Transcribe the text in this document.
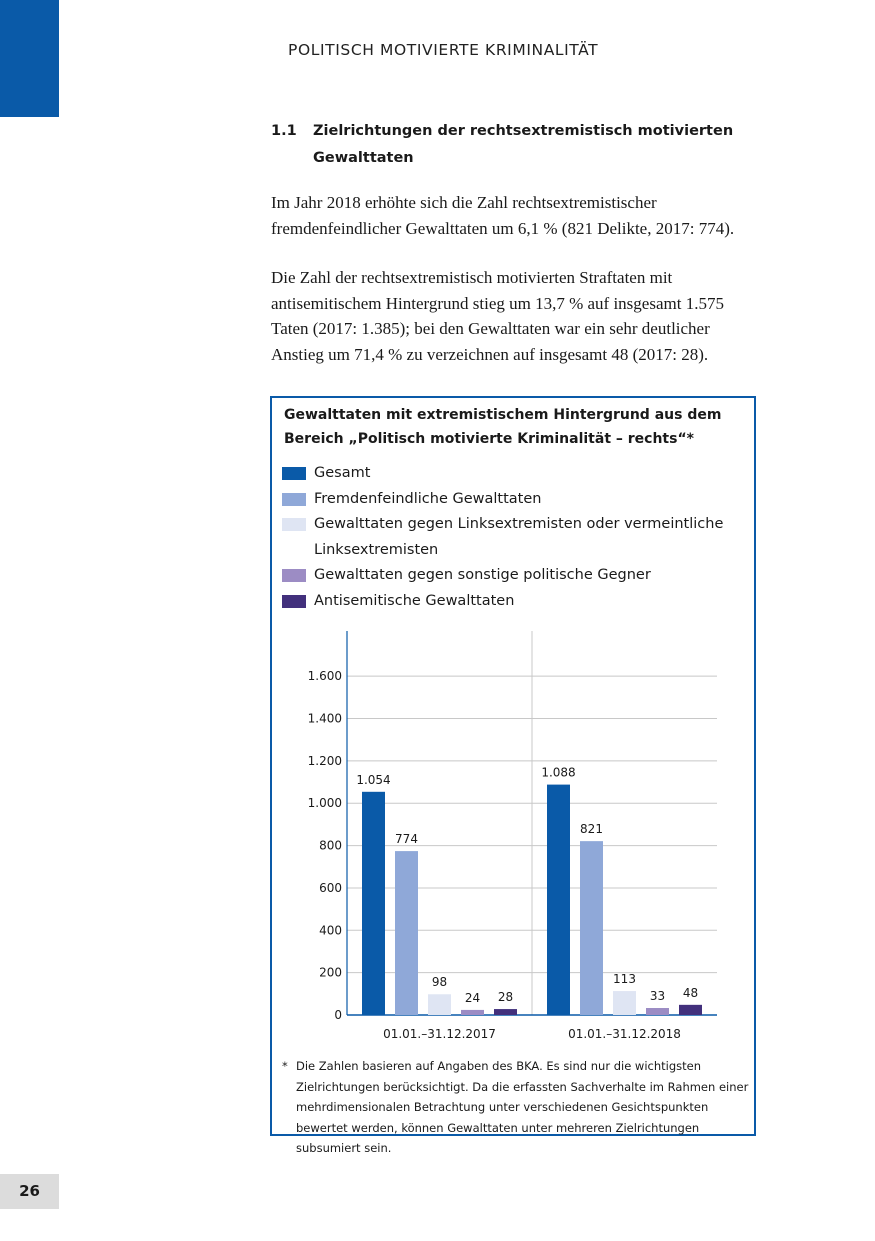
POLITISCH MOTIVIERTE KRIMINALITÄT
1.1 Zielrichtungen der rechtsextremistisch motivierten Gewalttaten
Im Jahr 2018 erhöhte sich die Zahl rechtsextremistischer fremdenfeindlicher Gewalttaten um 6,1 % (821 Delikte, 2017: 774).
Die Zahl der rechtsextremistisch motivierten Straftaten mit antisemitischem Hintergrund stieg um 13,7 % auf insgesamt 1.575 Taten (2017: 1.385); bei den Gewalttaten war ein sehr deutlicher Anstieg um 71,4 % zu verzeichnen auf insgesamt 48 (2017: 28).
Gewalttaten mit extremistischem Hintergrund aus dem Bereich „Politisch motivierte Kriminalität – rechts“*
Gesamt
Fremdenfeindliche Gewalttaten
Gewalttaten gegen Linksextremisten oder vermeintliche Linksextremisten
Gewalttaten gegen sonstige politische Gegner
Antisemitische Gewalttaten
0
200
400
600
800
1.000
1.200
1.400
1.600
1.054
774
98
24 28
01.01.–31.12.2017
1.088
821
113
33 48
01.01.–31.12.2018
* Die Zahlen basieren auf Angaben des BKA. Es sind nur die wichtigsten Zielrichtungen berücksichtigt. Da die erfassten Sachverhalte im Rahmen einer mehrdimensionalen Betrachtung unter verschiedenen Gesichtspunkten bewertet werden, können Gewalttaten unter mehreren Zielrichtungen subsumiert sein.
26
